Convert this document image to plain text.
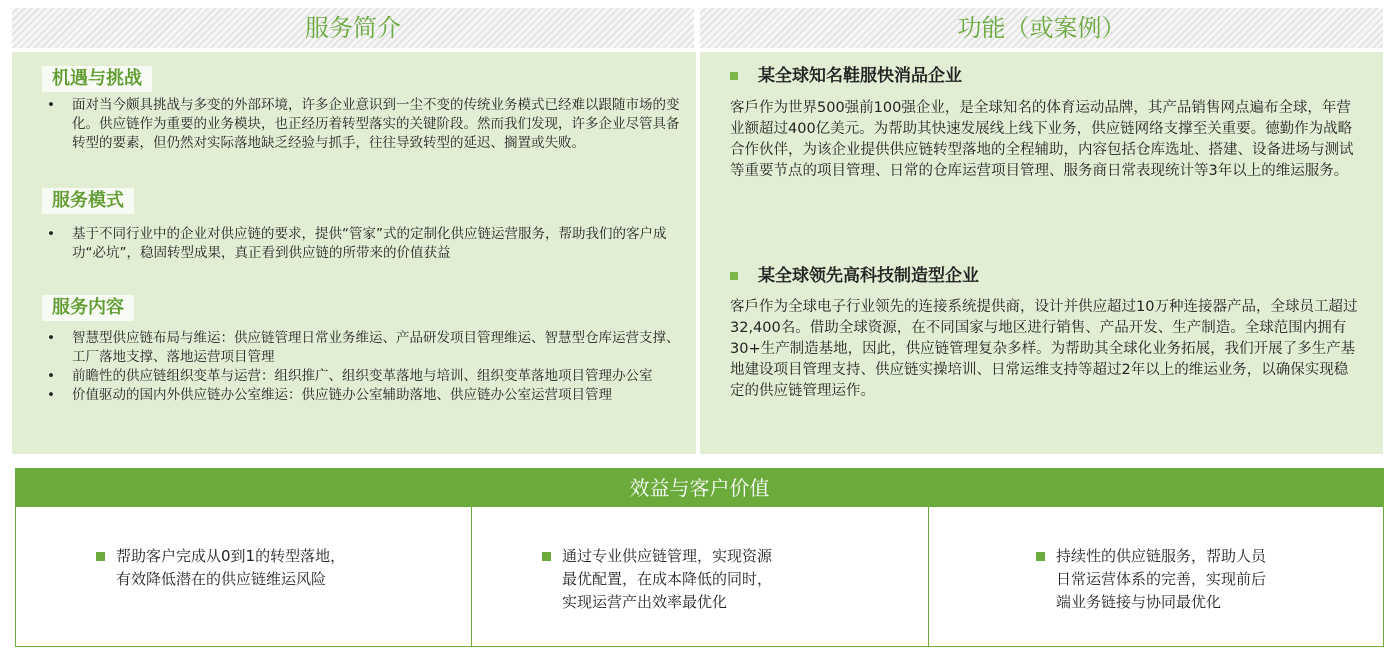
服务简介	功能（或案例）
机遇与挑战
• 面对当今颇具挑战与多变的外部环境，许多企业意识到一尘不变的传统业务模式已经难以跟随市场的变化。供应链作为重要的业务模块，也正经历着转型落实的关键阶段。然而我们发现，许多企业尽管具备转型的要素，但仍然对实际落地缺乏经验与抓手，往往导致转型的延迟、搁置或失败。
服务模式
• 基于不同行业中的企业对供应链的要求，提供“管家”式的定制化供应链运营服务，帮助我们的客户成功“必坑”，稳固转型成果，真正看到供应链的所带来的价值获益
服务内容
• 智慧型供应链布局与维运：供应链管理日常业务维运、产品研发项目管理维运、智慧型仓库运营支撑、工厂落地支撑、落地运营项目管理
• 前瞻性的供应链组织变革与运营：组织推广、组织变革落地与培训、组织变革落地项目管理办公室
• 价值驱动的国内外供应链办公室维运：供应链办公室辅助落地、供应链办公室运营项目管理
某全球知名鞋服快消品企业
客戶作为世界500强前100强企业，是全球知名的体育运动品牌，其产品销售网点遍布全球，年营业额超过400亿美元。为帮助其快速发展线上线下业务，供应链网络支撑至关重要。德勤作为战略合作伙伴，为该企业提供供应链转型落地的全程辅助，内容包括仓库选址、搭建、设备进场与测试等重要节点的项目管理、日常的仓库运营项目管理、服务商日常表现统计等3年以上的维运服务。
某全球领先高科技制造型企业
客戶作为全球电子行业领先的连接系统提供商，设计并供应超过10万种连接器产品，全球员工超过32,400名。借助全球资源，在不同国家与地区进行销售、产品开发、生产制造。全球范围内拥有30+生产制造基地，因此，供应链管理复杂多样。为帮助其全球化业务拓展，我们开展了多生产基地建设项目管理支持、供应链实操培训、日常运维支持等超过2年以上的维运业务，以确保实现稳定的供应链管理运作。
效益与客户价值
帮助客户完成从0到1的转型落地，
有效降低潜在的供应链维运风险
通过专业供应链管理，实现资源
最优配置，在成本降低的同时，
实现运营产出效率最优化
持续性的供应链服务，帮助人员
日常运营体系的完善，实现前后
端业务链接与协同最优化
